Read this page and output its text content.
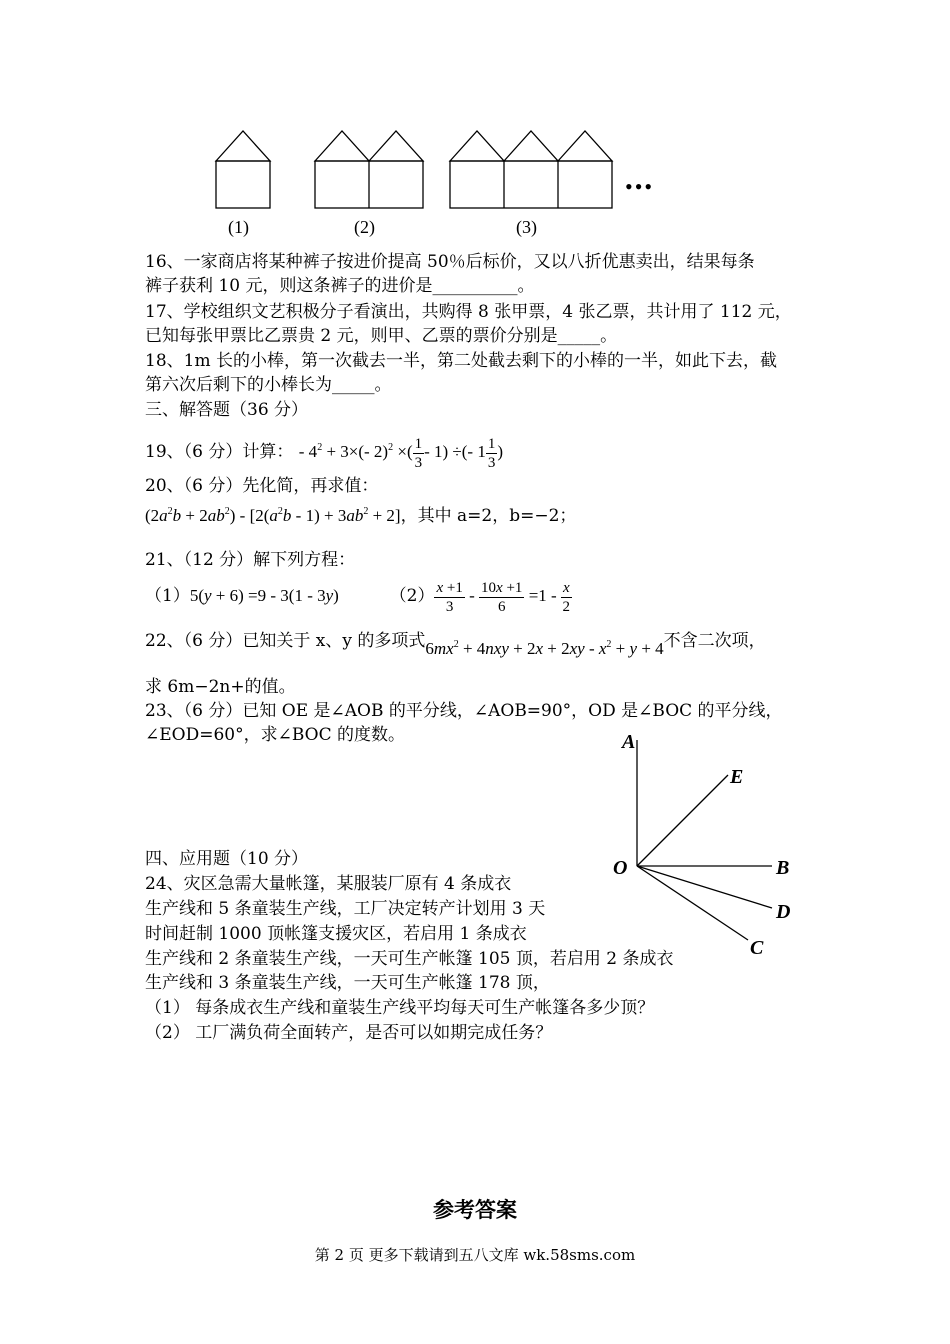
(1)	(2)	(3)
•••
16、一家商店将某种裤子按进价提高 50％后标价，又以八折优惠卖出，结果每条
裤子获利 10 元，则这条裤子的进价是__________。
17、学校组织文艺积极分子看演出，共购得 8 张甲票，4 张乙票，共计用了 112 元，
已知每张甲票比乙票贵 2 元，则甲、乙票的票价分别是_____。
18、1m 长的小棒，第一次截去一半，第二处截去剩下的小棒的一半，如此下去，截
第六次后剩下的小棒长为_____。
三、解答题（36 分）
19、（6 分）计算： - $4^2 + 3\times(-$ 2)$^2$ ×( $\frac{1}{3} - 1$) ÷(- $1 \frac{1}{3}$ )
20、（6 分）先化简，再求值：
$(2a^2b + 2ab^2) - [2(a^2b - 1) + 3ab^2 + 2]$，其中 a=2，b=−2；
21、（12 分）解下列方程：
（1）5(y + 6) =9 - 3(1 - 3y)	$(2) \frac{x +1}{3} - \frac{10x +1}{6} =1 - \frac{x}{2}$
22、（6 分）已知关于 x、y 的多项式$6mx^2 + 4nxy + 2x + 2xy - x^2 + y + 4$不含二次项，
求 6m−2n+的值。
23、（6 分）已知 OE 是∠AOB 的平分线，∠AOB=90°，OD 是∠BOC 的平分线，
∠EOD=60°，求∠BOC 的度数。	A
E
O	B
D
C
四、应用题（10 分）
24、灾区急需大量帐篷，某服装厂原有 4 条成衣
生产线和 5 条童装生产线，工厂决定转产计划用 3 天
时间赶制 1000 顶帐篷支援灾区，若启用 1 条成衣
生产线和 2 条童装生产线，一天可生产帐篷 105 顶，若启用 2 条成衣
生产线和 3 条童装生产线，一天可生产帐篷 178 顶，
（1） 每条成衣生产线和童装生产线平均每天可生产帐篷各多少顶？
（2） 工厂满负荷全面转产，是否可以如期完成任务？
参考答案
第 2 页 更多下载请到五八文库 wk.58sms.com
